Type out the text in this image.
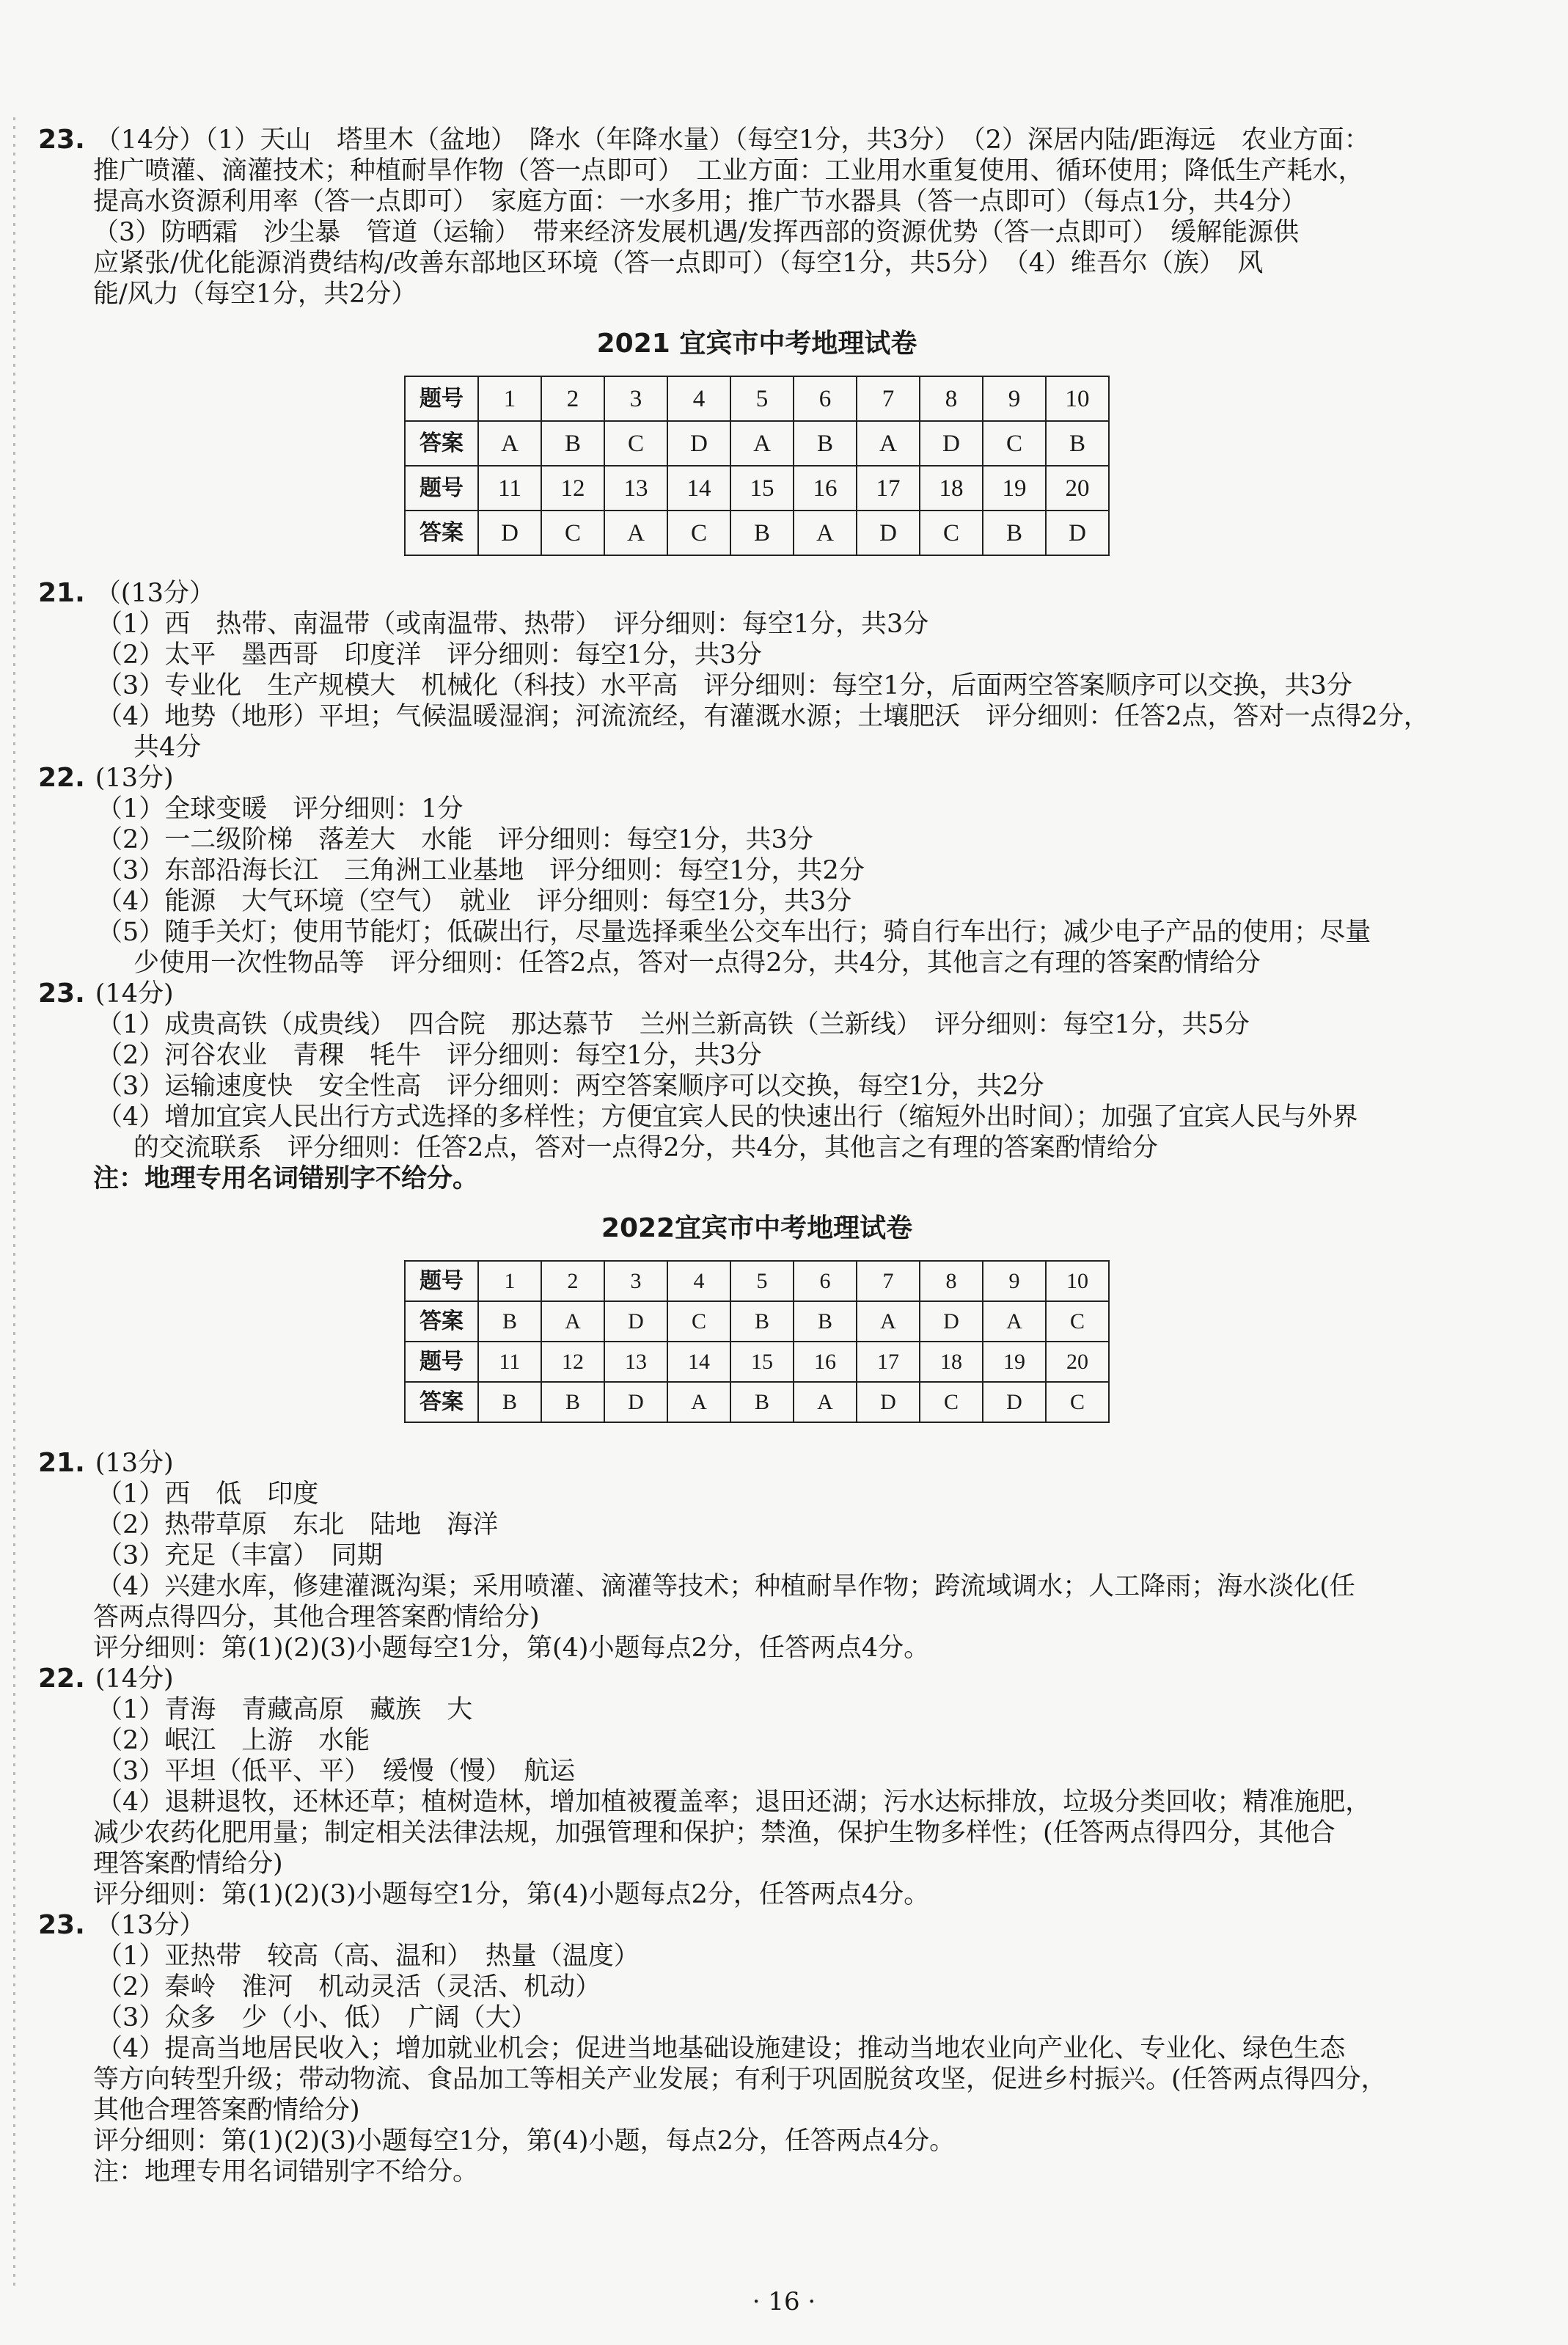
23. （14分）（1）天山　塔里木（盆地）　降水（年降水量）（每空1分，共3分）　（2）深居内陆/距海远　农业方面：
推广喷灌、滴灌技术；种植耐旱作物（答一点即可）　工业方面：工业用水重复使用、循环使用；降低生产耗水，
提高水资源利用率（答一点即可）　家庭方面：一水多用；推广节水器具（答一点即可）（每点1分，共4分）
（3）防晒霜　沙尘暴　管道（运输）　带来经济发展机遇/发挥西部的资源优势（答一点即可）　缓解能源供
应紧张/优化能源消费结构/改善东部地区环境（答一点即可）（每空1分，共5分）　（4）维吾尔（族）　风
能/风力（每空1分，共2分）
2021 宜宾市中考地理试卷
题号	1	2	3	4	5	6	7	8	9	10
答案	A	B	C	D	A	B	A	D	C	B
题号	11	12	13	14	15	16	17	18	19	20
答案	D	C	A	C	B	A	D	C	B	D
21. （(13分）
（1）西　热带、南温带（或南温带、热带）　评分细则：每空1分，共3分
（2）太平　墨西哥　印度洋　评分细则：每空1分，共3分
（3）专业化　生产规模大　机械化（科技）水平高　评分细则：每空1分，后面两空答案顺序可以交换，共3分
（4）地势（地形）平坦；气候温暖湿润；河流流经，有灌溉水源；土壤肥沃　评分细则：任答2点，答对一点得2分，
共4分
22. (13分)
（1）全球变暖　评分细则：1分
（2）一二级阶梯　落差大　水能　评分细则：每空1分，共3分
（3）东部沿海长江　三角洲工业基地　评分细则：每空1分，共2分
（4）能源　大气环境（空气）　就业　评分细则：每空1分，共3分
（5）随手关灯；使用节能灯；低碳出行，尽量选择乘坐公交车出行；骑自行车出行；减少电子产品的使用；尽量
少使用一次性物品等　评分细则：任答2点，答对一点得2分，共4分，其他言之有理的答案酌情给分
23. (14分)
（1）成贵高铁（成贵线）　四合院　那达慕节　兰州兰新高铁（兰新线）　评分细则：每空1分，共5分
（2）河谷农业　青稞　牦牛　评分细则：每空1分，共3分
（3）运输速度快　安全性高　评分细则：两空答案顺序可以交换，每空1分，共2分
（4）增加宜宾人民出行方式选择的多样性；方便宜宾人民的快速出行（缩短外出时间）；加强了宜宾人民与外界
的交流联系　评分细则：任答2点，答对一点得2分，共4分，其他言之有理的答案酌情给分
注：地理专用名词错别字不给分。
2022宜宾市中考地理试卷
题号	1	2	3	4	5	6	7	8	9	10
答案	B	A	D	C	B	B	A	D	A	C
题号	11	12	13	14	15	16	17	18	19	20
答案	B	B	D	A	B	A	D	C	D	C
21. (13分)
（1）西　低　印度
（2）热带草原　东北　陆地　海洋
（3）充足（丰富）　同期
（4）兴建水库，修建灌溉沟渠；采用喷灌、滴灌等技术；种植耐旱作物；跨流域调水；人工降雨；海水淡化(任
答两点得四分，其他合理答案酌情给分)
评分细则：第(1)(2)(3)小题每空1分，第(4)小题每点2分，任答两点4分。
22. (14分)
（1）青海　青藏高原　藏族　大
（2）岷江　上游　水能
（3）平坦（低平、平）　缓慢（慢）　航运
（4）退耕退牧，还林还草；植树造林，增加植被覆盖率；退田还湖；污水达标排放，垃圾分类回收；精准施肥，
减少农药化肥用量；制定相关法律法规，加强管理和保护；禁渔，保护生物多样性；(任答两点得四分，其他合
理答案酌情给分)
评分细则：第(1)(2)(3)小题每空1分，第(4)小题每点2分，任答两点4分。
23. （13分）
（1）亚热带　较高（高、温和）　热量（温度）
（2）秦岭　淮河　机动灵活（灵活、机动）
（3）众多　少（小、低）　广阔（大）
（4）提高当地居民收入；增加就业机会；促进当地基础设施建设；推动当地农业向产业化、专业化、绿色生态
等方向转型升级；带动物流、食品加工等相关产业发展；有利于巩固脱贫攻坚，促进乡村振兴。(任答两点得四分，
其他合理答案酌情给分)
评分细则：第(1)(2)(3)小题每空1分，第(4)小题，每点2分，任答两点4分。
注：地理专用名词错别字不给分。
· 16 ·
